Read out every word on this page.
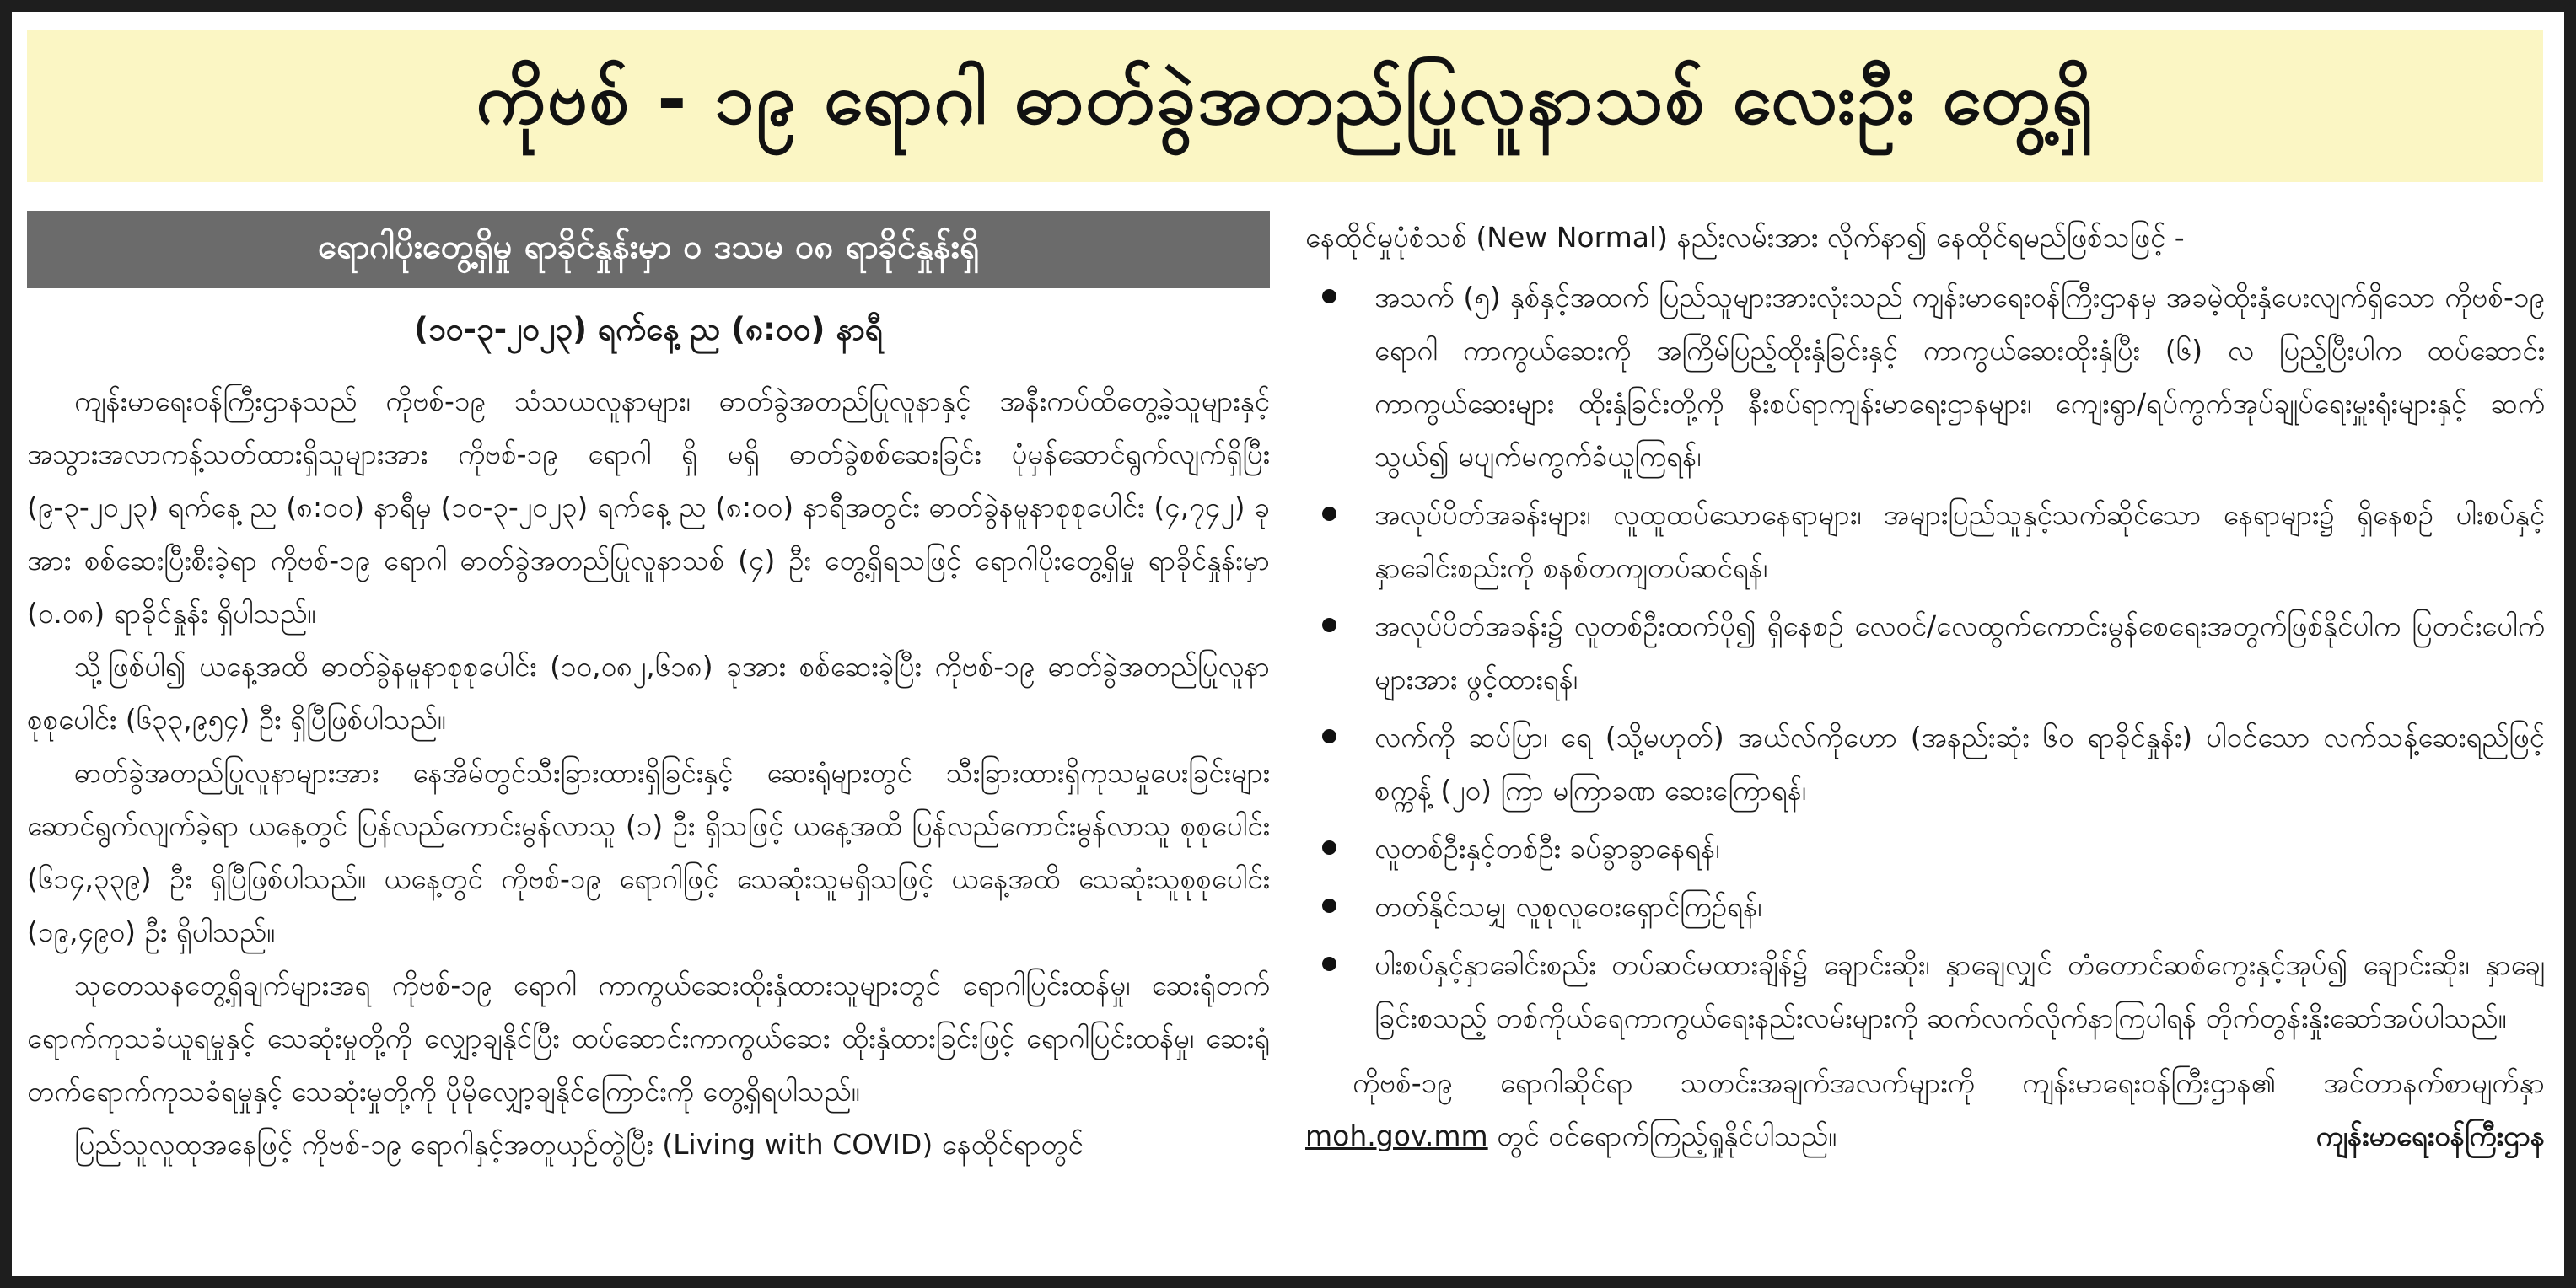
ကိုဗစ် - ၁၉ ရောဂါ ဓာတ်ခွဲအတည်ပြုလူနာသစ် လေးဦး တွေ့ရှိ
ရောဂါပိုးတွေ့ရှိမှု ရာခိုင်နှုန်းမှာ ၀ ဒသမ ၀၈ ရာခိုင်နှုန်းရှိ
(၁၀-၃-၂၀၂၃) ရက်နေ့ ည (၈:၀၀) နာရီ

ကျန်းမာရေးဝန်ကြီးဌာနသည် ကိုဗစ်-၁၉ သံသယလူနာများ၊ ဓာတ်ခွဲအတည်ပြုလူနာနှင့် အနီးကပ်ထိတွေ့ခဲ့သူများနှင့် အသွားအလာကန့်သတ်ထားရှိသူများအား ကိုဗစ်-၁၉ ရောဂါ ရှိ မရှိ ဓာတ်ခွဲစစ်ဆေးခြင်း ပုံမှန်ဆောင်ရွက်လျက်ရှိပြီး (၉-၃-၂၀၂၃) ရက်နေ့ ည (၈:၀၀) နာရီမှ (၁၀-၃-၂၀၂၃) ရက်နေ့ ည (၈:၀၀) နာရီအတွင်း ဓာတ်ခွဲနမူနာစုစုပေါင်း (၄,၇၄၂) ခုအား စစ်ဆေးပြီးစီးခဲ့ရာ ကိုဗစ်-၁၉ ရောဂါ ဓာတ်ခွဲအတည်ပြုလူနာသစ် (၄) ဦး တွေ့ရှိရသဖြင့် ရောဂါပိုးတွေ့ရှိမှု ရာခိုင်နှုန်းမှာ (၀.၀၈) ရာခိုင်နှုန်း ရှိပါသည်။

သို့ဖြစ်ပါ၍ ယနေ့အထိ ဓာတ်ခွဲနမူနာစုစုပေါင်း (၁၀,၀၈၂,၆၁၈) ခုအား စစ်ဆေးခဲ့ပြီး ကိုဗစ်-၁၉ ဓာတ်ခွဲအတည်ပြုလူနာ စုစုပေါင်း (၆၃၃,၉၅၄) ဦး ရှိပြီဖြစ်ပါသည်။

ဓာတ်ခွဲအတည်ပြုလူနာများအား နေအိမ်တွင်သီးခြားထားရှိခြင်းနှင့် ဆေးရုံများတွင် သီးခြားထားရှိကုသမှုပေးခြင်းများ ဆောင်ရွက်လျက်ခဲ့ရာ ယနေ့တွင် ပြန်လည်ကောင်းမွန်လာသူ (၁) ဦး ရှိသဖြင့် ယနေ့အထိ ပြန်လည်ကောင်းမွန်လာသူ စုစုပေါင်း (၆၁၄,၃၃၉) ဦး ရှိပြီဖြစ်ပါသည်။ ယနေ့တွင် ကိုဗစ်-၁၉ ရောဂါဖြင့် သေဆုံးသူမရှိသဖြင့် ယနေ့အထိ သေဆုံးသူစုစုပေါင်း (၁၉,၄၉၀) ဦး ရှိပါသည်။

သုတေသနတွေ့ရှိချက်များအရ ကိုဗစ်-၁၉ ရောဂါ ကာကွယ်ဆေးထိုးနှံထားသူများတွင် ရောဂါပြင်းထန်မှု၊ ဆေးရုံတက်ရောက်ကုသခံယူရမှုနှင့် သေဆုံးမှုတို့ကို လျှော့ချနိုင်ပြီး ထပ်ဆောင်းကာကွယ်ဆေး ထိုးနှံထားခြင်းဖြင့် ရောဂါပြင်းထန်မှု၊ ဆေးရုံတက်ရောက်ကုသခံရမှုနှင့် သေဆုံးမှုတို့ကို ပိုမိုလျှော့ချနိုင်ကြောင်းကို တွေ့ရှိရပါသည်။

ပြည်သူလူထုအနေဖြင့် ကိုဗစ်-၁၉ ရောဂါနှင့်အတူယှဉ်တွဲပြီး (Living with COVID) နေထိုင်ရာတွင်

နေထိုင်မှုပုံစံသစ် (New Normal) နည်းလမ်းအား လိုက်နာ၍ နေထိုင်ရမည်ဖြစ်သဖြင့် -

အသက် (၅) နှစ်နှင့်အထက် ပြည်သူများအားလုံးသည် ကျန်းမာရေးဝန်ကြီးဌာနမှ အခမဲ့ထိုးနှံပေးလျက်ရှိသော ကိုဗစ်-၁၉ ရောဂါ ကာကွယ်ဆေးကို အကြိမ်ပြည့်ထိုးနှံခြင်းနှင့် ကာကွယ်ဆေးထိုးနှံပြီး (၆) လ ပြည့်ပြီးပါက ထပ်ဆောင်းကာကွယ်ဆေးများ ထိုးနှံခြင်းတို့ကို နီးစပ်ရာကျန်းမာရေးဌာနများ၊ ကျေးရွာ/ရပ်ကွက်အုပ်ချုပ်ရေးမှူးရုံးများနှင့် ဆက်သွယ်၍ မပျက်မကွက်ခံယူကြရန်၊
အလုပ်ပိတ်အခန်းများ၊ လူထူထပ်သောနေရာများ၊ အများပြည်သူနှင့်သက်ဆိုင်သော နေရာများ၌ ရှိနေစဉ် ပါးစပ်နှင့်နှာခေါင်းစည်းကို စနစ်တကျတပ်ဆင်ရန်၊
အလုပ်ပိတ်အခန်း၌ လူတစ်ဦးထက်ပို၍ ရှိနေစဉ် လေဝင်/လေထွက်ကောင်းမွန်စေရေးအတွက်ဖြစ်နိုင်ပါက ပြတင်းပေါက်များအား ဖွင့်ထားရန်၊
လက်ကို ဆပ်ပြာ၊ ရေ (သို့မဟုတ်) အယ်လ်ကိုဟော (အနည်းဆုံး ၆၀ ရာခိုင်နှုန်း) ပါဝင်သော လက်သန့်ဆေးရည်ဖြင့် စက္ကန့် (၂၀) ကြာ မကြာခဏ ဆေးကြောရန်၊
လူတစ်ဦးနှင့်တစ်ဦး ခပ်ခွာခွာနေရန်၊
တတ်နိုင်သမျှ လူစုလူဝေးရှောင်ကြဉ်ရန်၊
ပါးစပ်နှင့်နှာခေါင်းစည်း တပ်ဆင်မထားချိန်၌ ချောင်းဆိုး၊ နှာချေလျှင် တံတောင်ဆစ်ကွေးနှင့်အုပ်၍ ချောင်းဆိုး၊ နှာချေခြင်းစသည့် တစ်ကိုယ်ရေကာကွယ်ရေးနည်းလမ်းများကို ဆက်လက်လိုက်နာကြပါရန် တိုက်တွန်းနှိုးဆော်အပ်ပါသည်။

ကိုဗစ်-၁၉ ရောဂါဆိုင်ရာ သတင်းအချက်အလက်များကို ကျန်းမာရေးဝန်ကြီးဌာန၏ အင်တာနက်စာမျက်နှာ moh.gov.mm တွင် ဝင်ရောက်ကြည့်ရှုနိုင်ပါသည်။	ကျန်းမာရေးဝန်ကြီးဌာန
